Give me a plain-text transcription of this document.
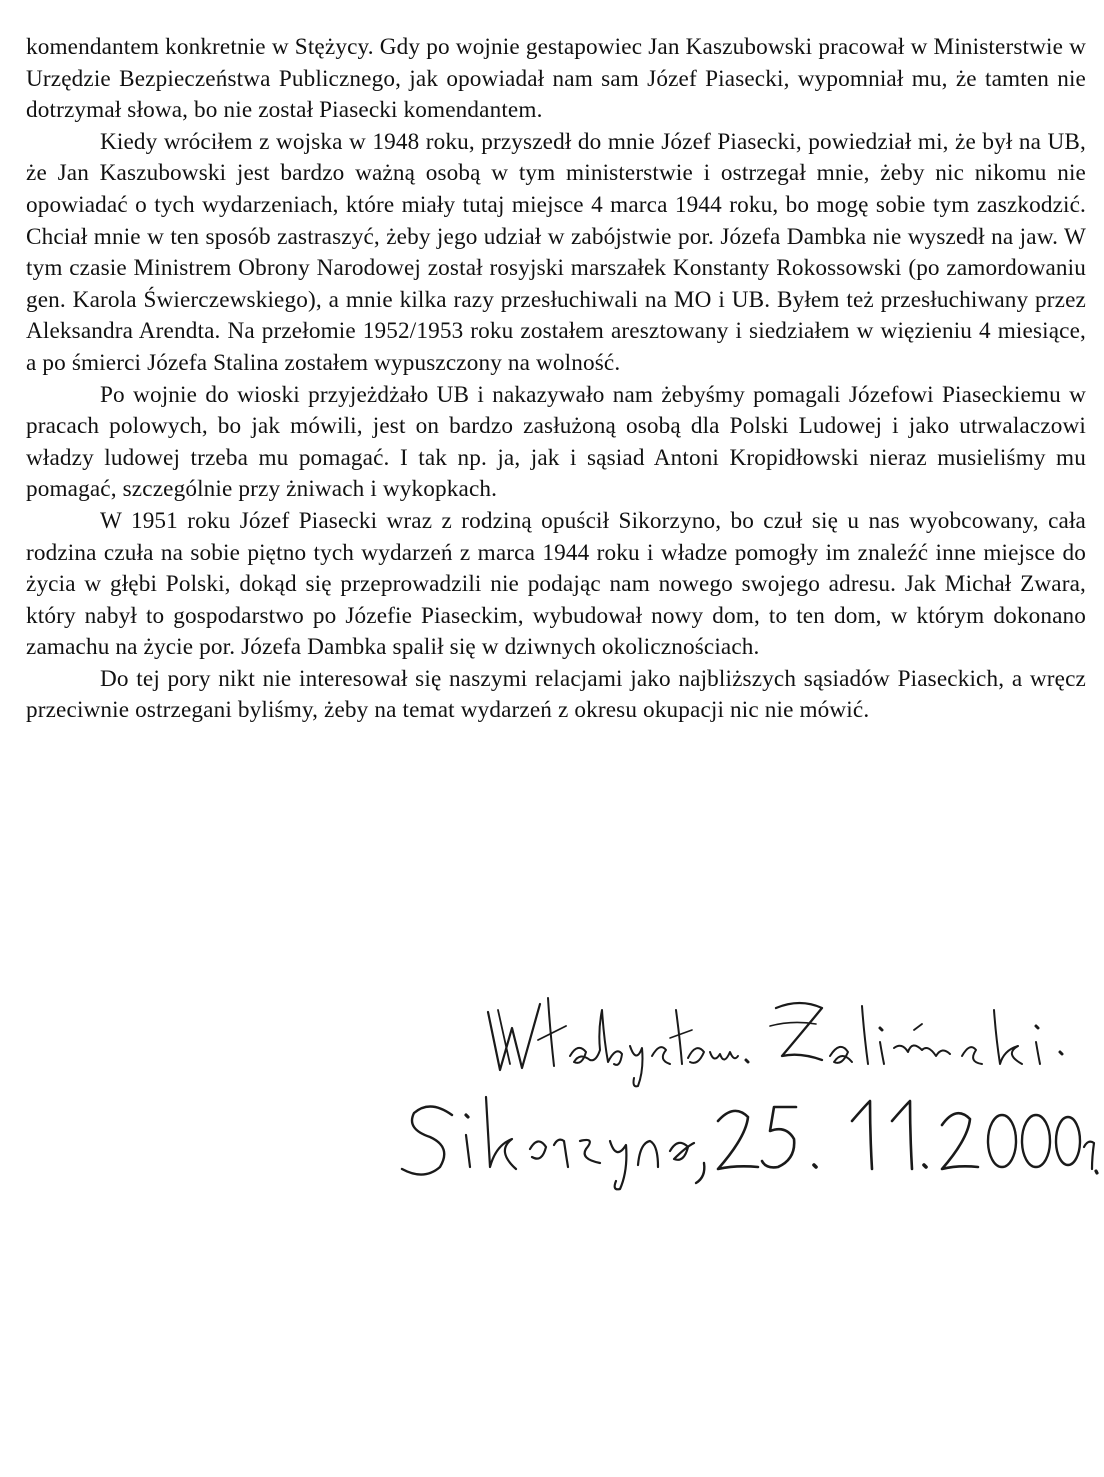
komendantem konkretnie w Stężycy. Gdy po wojnie gestapowiec Jan Kaszubowski pracował w Ministerstwie w Urzędzie Bezpieczeństwa Publicznego, jak opowiadał nam sam Józef Piasecki, wypomniał mu, że tamten nie dotrzymał słowa, bo nie został Piasecki komendantem.

Kiedy wróciłem z wojska w 1948 roku, przyszedł do mnie Józef Piasecki, powiedział mi, że był na UB, że Jan Kaszubowski jest bardzo ważną osobą w tym ministerstwie i ostrzegał mnie, żeby nic nikomu nie opowiadać o tych wydarzeniach, które miały tutaj miejsce 4 marca 1944 roku, bo mogę sobie tym zaszkodzić. Chciał mnie w ten sposób zastraszyć, żeby jego udział w zabójstwie por. Józefa Dambka nie wyszedł na jaw. W tym czasie Ministrem Obrony Narodowej został rosyjski marszałek Konstanty Rokossowski (po zamordowaniu gen. Karola Świerczewskiego), a mnie kilka razy przesłuchiwali na MO i UB. Byłem też przesłuchiwany przez Aleksandra Arendta. Na przełomie 1952/1953 roku zostałem aresztowany i siedziałem w więzieniu 4 miesiące, a po śmierci Józefa Stalina zostałem wypuszczony na wolność.

Po wojnie do wioski przyjeżdżało UB i nakazywało nam żebyśmy pomagali Józefowi Piaseckiemu w pracach polowych, bo jak mówili, jest on bardzo zasłużoną osobą dla Polski Ludowej i jako utrwalaczowi władzy ludowej trzeba mu pomagać. I tak np. ja, jak i sąsiad Antoni Kropidłowski nieraz musieliśmy mu pomagać, szczególnie przy żniwach i wykopkach.

W 1951 roku Józef Piasecki wraz z rodziną opuścił Sikorzyno, bo czuł się u nas wyobcowany, cała rodzina czuła na sobie piętno tych wydarzeń z marca 1944 roku i władze pomogły im znaleźć inne miejsce do życia w głębi Polski, dokąd się przeprowadzili nie podając nam nowego swojego adresu. Jak Michał Zwara, który nabył to gospodarstwo po Józefie Piaseckim, wybudował nowy dom, to ten dom, w którym dokonano zamachu na życie por. Józefa Dambka spalił się w dziwnych okolicznościach.

Do tej pory nikt nie interesował się naszymi relacjami jako najbliższych sąsiadów Piaseckich, a wręcz przeciwnie ostrzegani byliśmy, żeby na temat wydarzeń z okresu okupacji nic nie mówić.
